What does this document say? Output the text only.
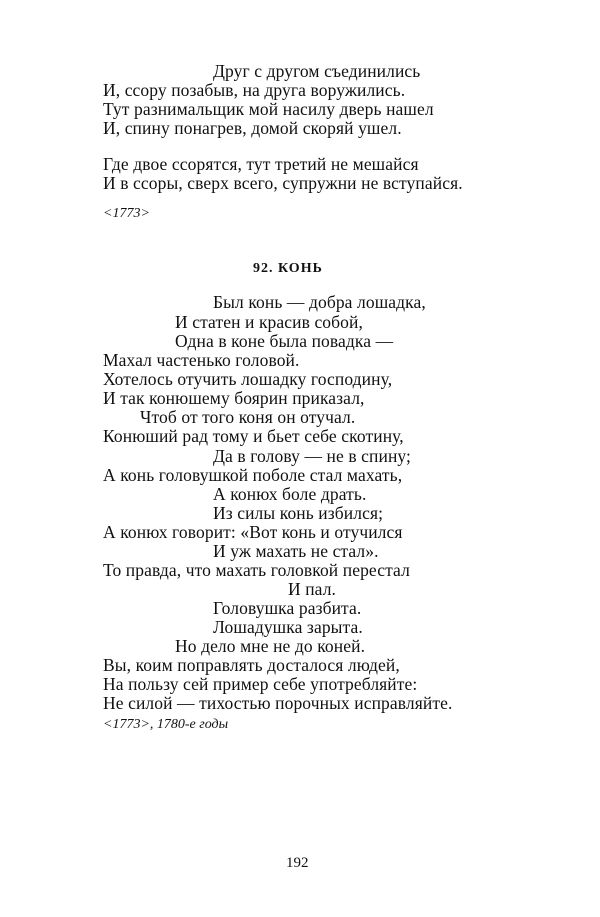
Друг с другом съединились
И, ссору позабыв, на друга воружились.
Тут разнимальщик мой насилу дверь нашел
И, спину понагрев, домой скоряй ушел.
Где двое ссорятся, тут третий не мешайся
И в ссоры, сверх всего, супружни не вступайся.
<1773>
92. КОНЬ
Был конь — добра лошадка,
И статен и красив собой,
Одна в коне была повадка —
Махал частенько головой.
Хотелось отучить лошадку господину,
И так конюшему боярин приказал,
Чтоб от того коня он отучал.
Конюший рад тому и бьет себе скотину,
Да в голову — не в спину;
А конь головушкой поболе стал махать,
А конюх боле драть.
Из силы конь избился;
А конюх говорит: «Вот конь и отучился
И уж махать не стал».
То правда, что махать головкой перестал
И пал.
Головушка разбита.
Лошадушка зарыта.
Но дело мне не до коней.
Вы, коим поправлять досталося людей,
На пользу сей пример себе употребляйте:
Не силой — тихостью порочных исправляйте.
<1773>, 1780-е годы
192
